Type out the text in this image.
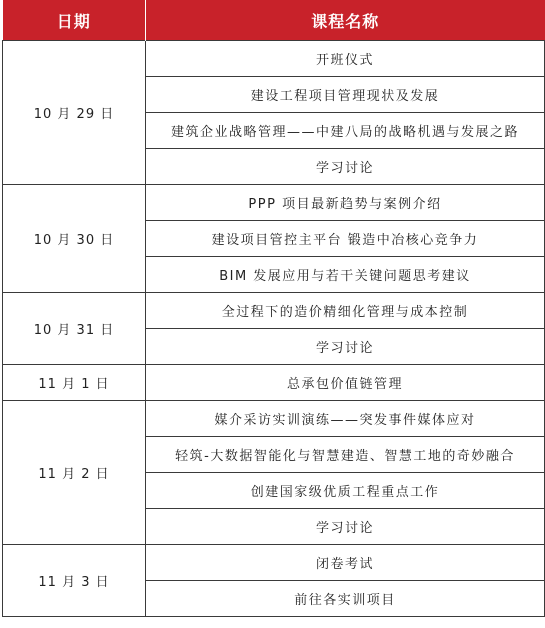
日期	课程名称
10 月 29 日	开班仪式
	建设工程项目管理现状及发展
	建筑企业战略管理——中建八局的战略机遇与发展之路
	学习讨论
10 月 30 日	PPP 项目最新趋势与案例介绍
	建设项目管控主平台 锻造中冶核心竞争力
	BIM 发展应用与若干关键问题思考建议
10 月 31 日	全过程下的造价精细化管理与成本控制
	学习讨论
11 月 1 日	总承包价值链管理
11 月 2 日	媒介采访实训演练——突发事件媒体应对
	轻筑-大数据智能化与智慧建造、智慧工地的奇妙融合
	创建国家级优质工程重点工作
	学习讨论
11 月 3 日	闭卷考试
	前往各实训项目
